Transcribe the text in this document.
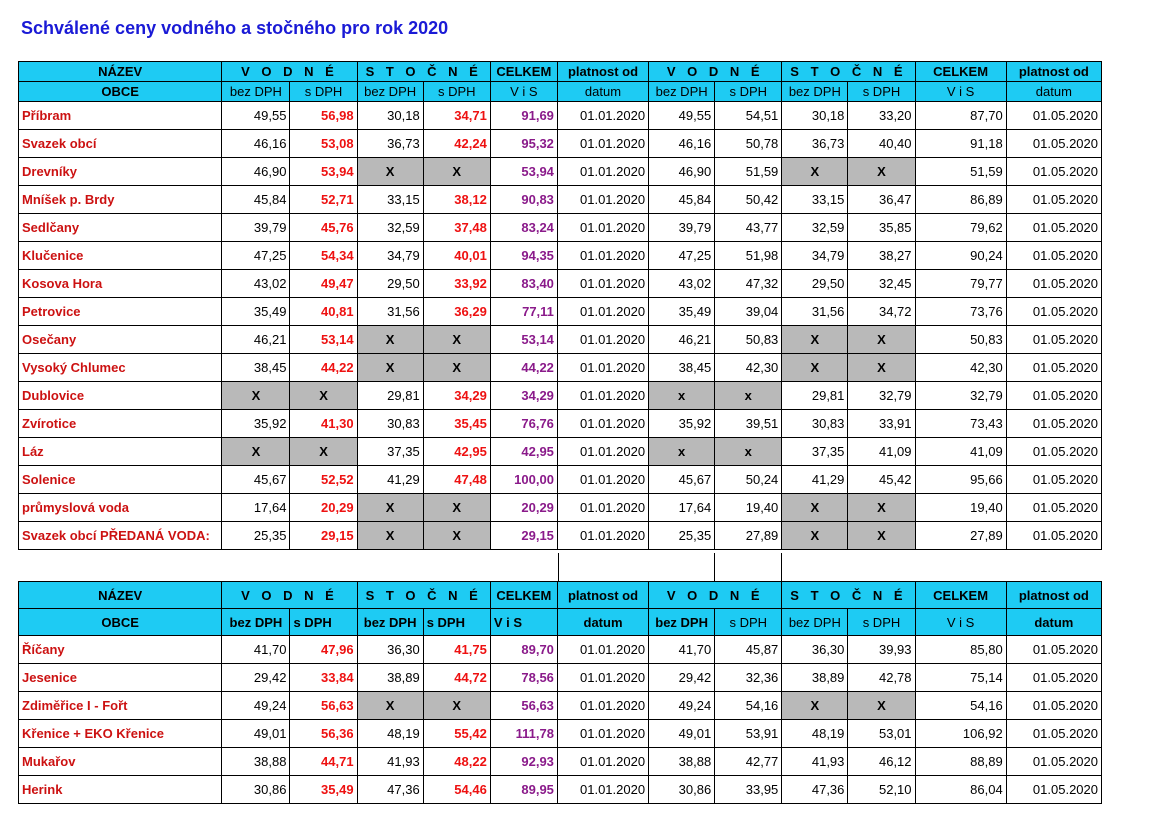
Schválené ceny vodného a stočného pro rok 2020
NÁZEV	V O D N É		S T O Č N É		CELKEM	platnost od	V O D N É		S T O Č N É		CELKEM	platnost od
OBCE	bez DPH	s DPH	bez DPH	s DPH	V i S	datum	bez DPH	s DPH	bez DPH	s DPH	V i S	datum
Příbram	49,55	56,98	30,18	34,71	91,69	01.01.2020	49,55	54,51	30,18	33,20	87,70	01.05.2020
Svazek obcí	46,16	53,08	36,73	42,24	95,32	01.01.2020	46,16	50,78	36,73	40,40	91,18	01.05.2020
Drevníky	46,90	53,94	X	X	53,94	01.01.2020	46,90	51,59	X	X	51,59	01.05.2020
Mníšek p. Brdy	45,84	52,71	33,15	38,12	90,83	01.01.2020	45,84	50,42	33,15	36,47	86,89	01.05.2020
Sedlčany	39,79	45,76	32,59	37,48	83,24	01.01.2020	39,79	43,77	32,59	35,85	79,62	01.05.2020
Klučenice	47,25	54,34	34,79	40,01	94,35	01.01.2020	47,25	51,98	34,79	38,27	90,24	01.05.2020
Kosova Hora	43,02	49,47	29,50	33,92	83,40	01.01.2020	43,02	47,32	29,50	32,45	79,77	01.05.2020
Petrovice	35,49	40,81	31,56	36,29	77,11	01.01.2020	35,49	39,04	31,56	34,72	73,76	01.05.2020
Osečany	46,21	53,14	X	X	53,14	01.01.2020	46,21	50,83	X	X	50,83	01.05.2020
Vysoký Chlumec	38,45	44,22	X	X	44,22	01.01.2020	38,45	42,30	X	X	42,30	01.05.2020
Dublovice	X	X	29,81	34,29	34,29	01.01.2020	x	x	29,81	32,79	32,79	01.05.2020
Zvírotice	35,92	41,30	30,83	35,45	76,76	01.01.2020	35,92	39,51	30,83	33,91	73,43	01.05.2020
Láz	X	X	37,35	42,95	42,95	01.01.2020	x	x	37,35	41,09	41,09	01.05.2020
Solenice	45,67	52,52	41,29	47,48	100,00	01.01.2020	45,67	50,24	41,29	45,42	95,66	01.05.2020
průmyslová voda	17,64	20,29	X	X	20,29	01.01.2020	17,64	19,40	X	X	19,40	01.05.2020
Svazek obcí PŘEDANÁ VODA:	25,35	29,15	X	X	29,15	01.01.2020	25,35	27,89	X	X	27,89	01.05.2020
NÁZEV	V O D N É		S T O Č N É		CELKEM	platnost od	V O D N É		S T O Č N É		CELKEM	platnost od
OBCE	bez DPH	s DPH	bez DPH	s DPH	V i S	datum	bez DPH	s DPH	bez DPH	s DPH	V i S	datum
Říčany	41,70	47,96	36,30	41,75	89,70	01.01.2020	41,70	45,87	36,30	39,93	85,80	01.05.2020
Jesenice	29,42	33,84	38,89	44,72	78,56	01.01.2020	29,42	32,36	38,89	42,78	75,14	01.05.2020
Zdiměřice I - Fořt	49,24	56,63	X	X	56,63	01.01.2020	49,24	54,16	X	X	54,16	01.05.2020
Křenice + EKO Křenice	49,01	56,36	48,19	55,42	111,78	01.01.2020	49,01	53,91	48,19	53,01	106,92	01.05.2020
Mukařov	38,88	44,71	41,93	48,22	92,93	01.01.2020	38,88	42,77	41,93	46,12	88,89	01.05.2020
Herink	30,86	35,49	47,36	54,46	89,95	01.01.2020	30,86	33,95	47,36	52,10	86,04	01.05.2020
